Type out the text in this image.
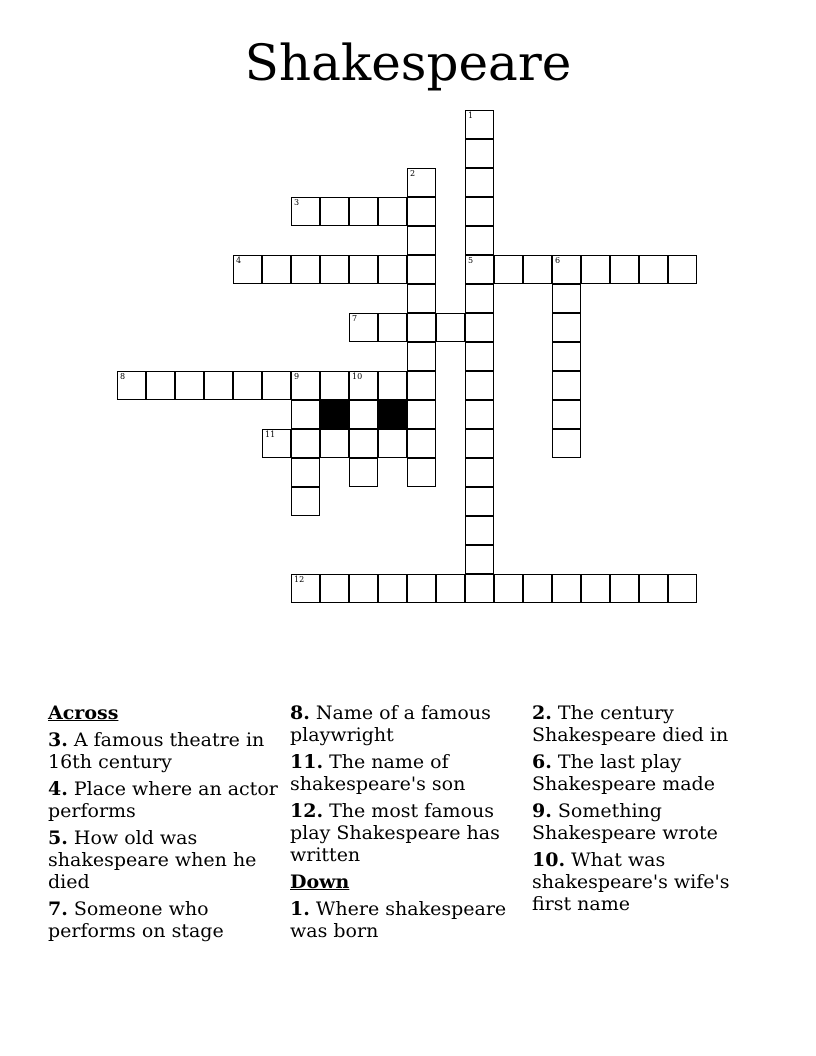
Shakespeare
3
4	5	6
7
8	9	10
11
12
1
2
Across
3. A famous theatre in 16th century
4. Place where an actor performs
5. How old was shakespeare when he died
7. Someone who performs on stage
8. Name of a famous playwright
11. The name of shakespeare's son
12. The most famous play Shakespeare has written
Down
1. Where shakespeare was born
2. The century Shakespeare died in
6. The last play Shakespeare made
9. Something Shakespeare wrote
10. What was shakespeare's wife's first name
